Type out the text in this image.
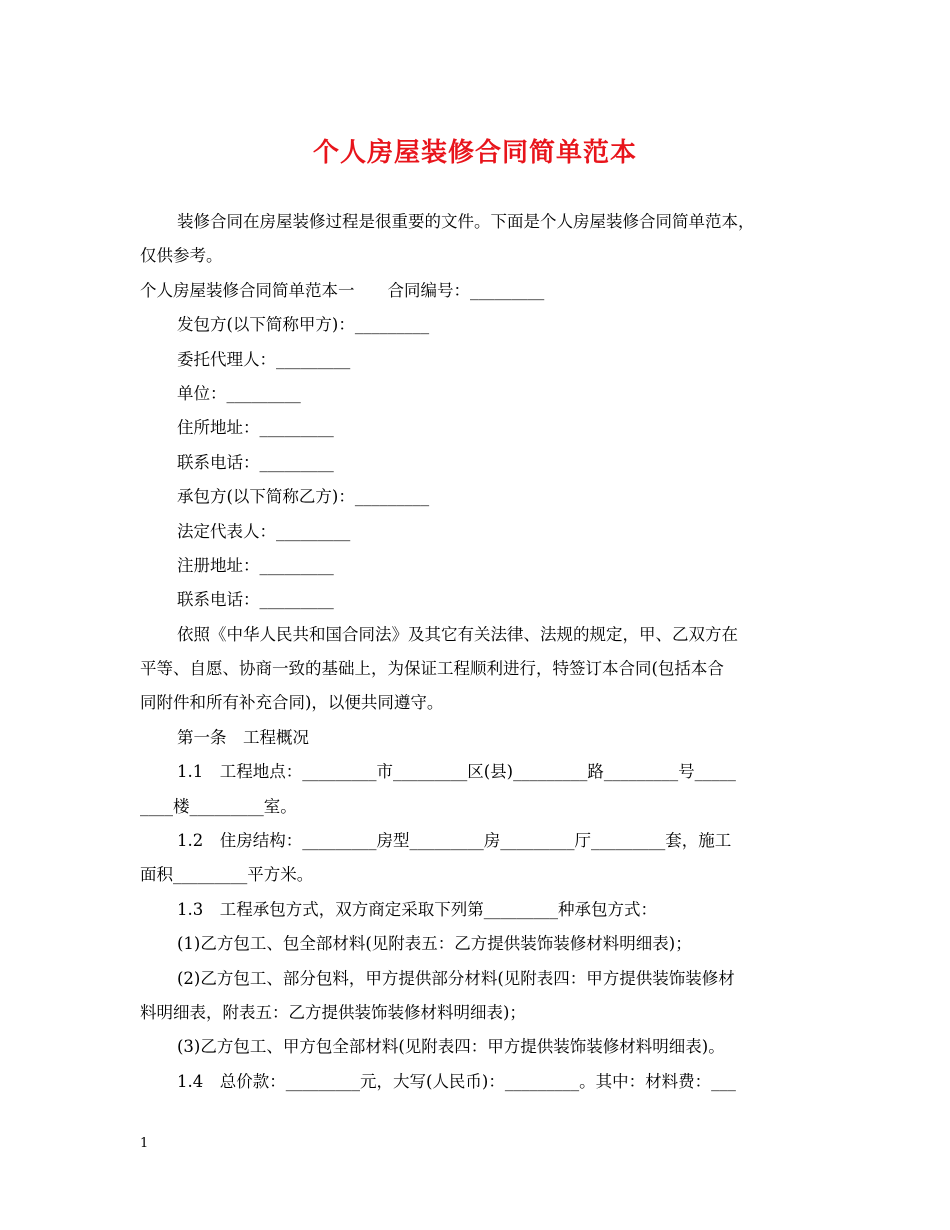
个人房屋装修合同简单范本
装修合同在房屋装修过程是很重要的文件。下面是个人房屋装修合同简单范本，
仅供参考。
个人房屋装修合同简单范本一　　合同编号：_________
发包方(以下简称甲方)：_________
委托代理人：_________
单位：_________
住所地址：_________
联系电话：_________
承包方(以下简称乙方)：_________
法定代表人：_________
注册地址：_________
联系电话：_________
依照《中华人民共和国合同法》及其它有关法律、法规的规定，甲、乙双方在
平等、自愿、协商一致的基础上，为保证工程顺利进行，特签订本合同(包括本合
同附件和所有补充合同)，以便共同遵守。
第一条　工程概况
1.1　工程地点：_________市_________区(县)_________路_________号_____
____楼_________室。
1.2　住房结构：_________房型_________房_________厅_________套，施工
面积_________平方米。
1.3　工程承包方式，双方商定采取下列第_________种承包方式：
(1)乙方包工、包全部材料(见附表五：乙方提供装饰装修材料明细表)；
(2)乙方包工、部分包料，甲方提供部分材料(见附表四：甲方提供装饰装修材
料明细表，附表五：乙方提供装饰装修材料明细表)；
(3)乙方包工、甲方包全部材料(见附表四：甲方提供装饰装修材料明细表)。
1.4　总价款：_________元，大写(人民币)：_________。其中：材料费：___
1
